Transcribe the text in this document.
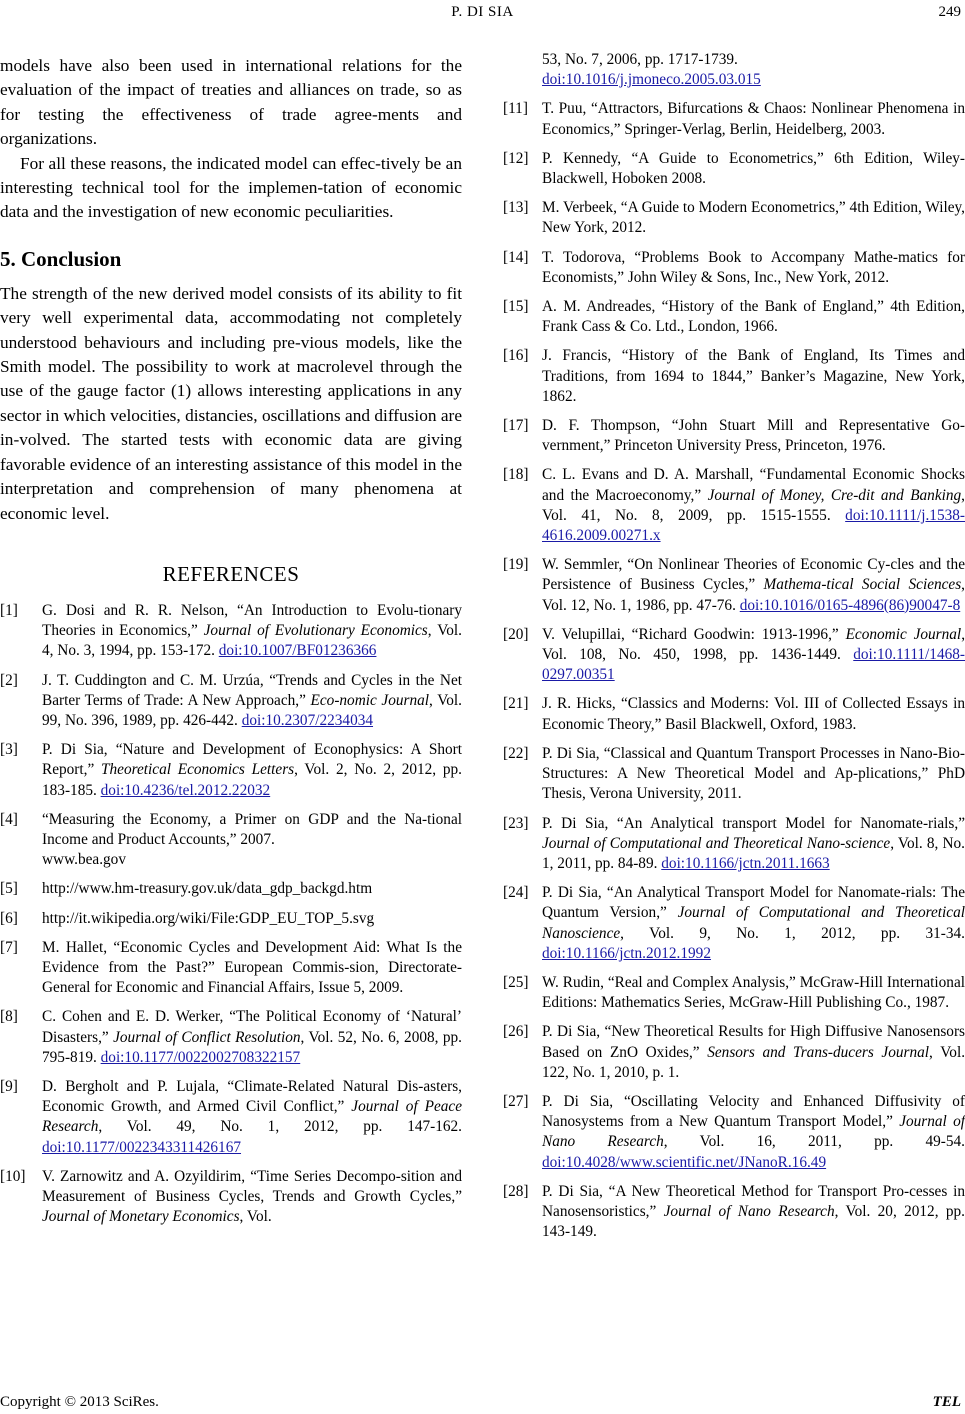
P. DI SIA	249

models have also been used in international relations for the evaluation of the impact of treaties and alliances on trade, so as for testing the effectiveness of trade agree-ments and organizations.

For all these reasons, the indicated model can effec-tively be an interesting technical tool for the implemen-tation of economic data and the investigation of new economic peculiarities.

5. Conclusion

The strength of the new derived model consists of its ability to fit very well experimental data, accommodating not completely understood behaviours and including pre-vious models, like the Smith model. The possibility to work at macrolevel through the use of the gauge factor (1) allows interesting applications in any sector in which velocities, distancies, oscillations and diffusion are in-volved. The started tests with economic data are giving favorable evidence of an interesting assistance of this model in the interpretation and comprehension of many phenomena at economic level.

REFERENCES
[1] G. Dosi and R. R. Nelson, “An Introduction to Evolu-tionary Theories in Economics,” Journal of Evolutionary Economics, Vol. 4, No. 3, 1994, pp. 153-172. doi:10.1007/BF01236366
[2] J. T. Cuddington and C. M. Urzúa, “Trends and Cycles in the Net Barter Terms of Trade: A New Approach,” Eco-nomic Journal, Vol. 99, No. 396, 1989, pp. 426-442. doi:10.2307/2234034
[3] P. Di Sia, “Nature and Development of Econophysics: A Short Report,” Theoretical Economics Letters, Vol. 2, No. 2, 2012, pp. 183-185. doi:10.4236/tel.2012.22032
[4] “Measuring the Economy, a Primer on GDP and the Na-tional Income and Product Accounts,” 2007.
www.bea.gov
[5] http://www.hm-treasury.gov.uk/data_gdp_backgd.htm
[6] http://it.wikipedia.org/wiki/File:GDP_EU_TOP_5.svg
[7] M. Hallet, “Economic Cycles and Development Aid: What Is the Evidence from the Past?” European Commis-sion, Directorate-General for Economic and Financial Affairs, Issue 5, 2009.
[8] C. Cohen and E. D. Werker, “The Political Economy of ‘Natural’ Disasters,” Journal of Conflict Resolution, Vol. 52, No. 6, 2008, pp. 795-819. doi:10.1177/0022002708322157
[9] D. Bergholt and P. Lujala, “Climate-Related Natural Dis-asters, Economic Growth, and Armed Civil Conflict,” Journal of Peace Research, Vol. 49, No. 1, 2012, pp. 147-162. doi:10.1177/0022343311426167
[10] V. Zarnowitz and A. Ozyildirim, “Time Series Decompo-sition and Measurement of Business Cycles, Trends and Growth Cycles,” Journal of Monetary Economics, Vol.
53, No. 7, 2006, pp. 1717-1739.
doi:10.1016/j.jmoneco.2005.03.015
[11] T. Puu, “Attractors, Bifurcations & Chaos: Nonlinear Phenomena in Economics,” Springer-Verlag, Berlin, Heidelberg, 2003.
[12] P. Kennedy, “A Guide to Econometrics,” 6th Edition, Wiley-Blackwell, Hoboken 2008.
[13] M. Verbeek, “A Guide to Modern Econometrics,” 4th Edition, Wiley, New York, 2012.
[14] T. Todorova, “Problems Book to Accompany Mathe-matics for Economists,” John Wiley & Sons, Inc., New York, 2012.
[15] A. M. Andreades, “History of the Bank of England,” 4th Edition, Frank Cass & Co. Ltd., London, 1966.
[16] J. Francis, “History of the Bank of England, Its Times and Traditions, from 1694 to 1844,” Banker’s Magazine, New York, 1862.
[17] D. F. Thompson, “John Stuart Mill and Representative Go-vernment,” Princeton University Press, Princeton, 1976.
[18] C. L. Evans and D. A. Marshall, “Fundamental Economic Shocks and the Macroeconomy,” Journal of Money, Cre-dit and Banking, Vol. 41, No. 8, 2009, pp. 1515-1555. doi:10.1111/j.1538-4616.2009.00271.x
[19] W. Semmler, “On Nonlinear Theories of Economic Cy-cles and the Persistence of Business Cycles,” Mathema-tical Social Sciences, Vol. 12, No. 1, 1986, pp. 47-76. doi:10.1016/0165-4896(86)90047-8
[20] V. Velupillai, “Richard Goodwin: 1913-1996,” Economic Journal, Vol. 108, No. 450, 1998, pp. 1436-1449. doi:10.1111/1468-0297.00351
[21] J. R. Hicks, “Classics and Moderns: Vol. III of Collected Essays in Economic Theory,” Basil Blackwell, Oxford, 1983.
[22] P. Di Sia, “Classical and Quantum Transport Processes in Nano-Bio-Structures: A New Theoretical Model and Ap-plications,” PhD Thesis, Verona University, 2011.
[23] P. Di Sia, “An Analytical transport Model for Nanomate-rials,” Journal of Computational and Theoretical Nano-science, Vol. 8, No. 1, 2011, pp. 84-89. doi:10.1166/jctn.2011.1663
[24] P. Di Sia, “An Analytical Transport Model for Nanomate-rials: The Quantum Version,” Journal of Computational and Theoretical Nanoscience, Vol. 9, No. 1, 2012, pp. 31-34. doi:10.1166/jctn.2012.1992
[25] W. Rudin, “Real and Complex Analysis,” McGraw-Hill International Editions: Mathematics Series, McGraw-Hill Publishing Co., 1987.
[26] P. Di Sia, “New Theoretical Results for High Diffusive Nanosensors Based on ZnO Oxides,” Sensors and Trans-ducers Journal, Vol. 122, No. 1, 2010, p. 1.
[27] P. Di Sia, “Oscillating Velocity and Enhanced Diffusivity of Nanosystems from a New Quantum Transport Model,” Journal of Nano Research, Vol. 16, 2011, pp. 49-54. doi:10.4028/www.scientific.net/JNanoR.16.49
[28] P. Di Sia, “A New Theoretical Method for Transport Pro-cesses in Nanosensoristics,” Journal of Nano Research, Vol. 20, 2012, pp. 143-149.
Copyright © 2013 SciRes.	TEL
